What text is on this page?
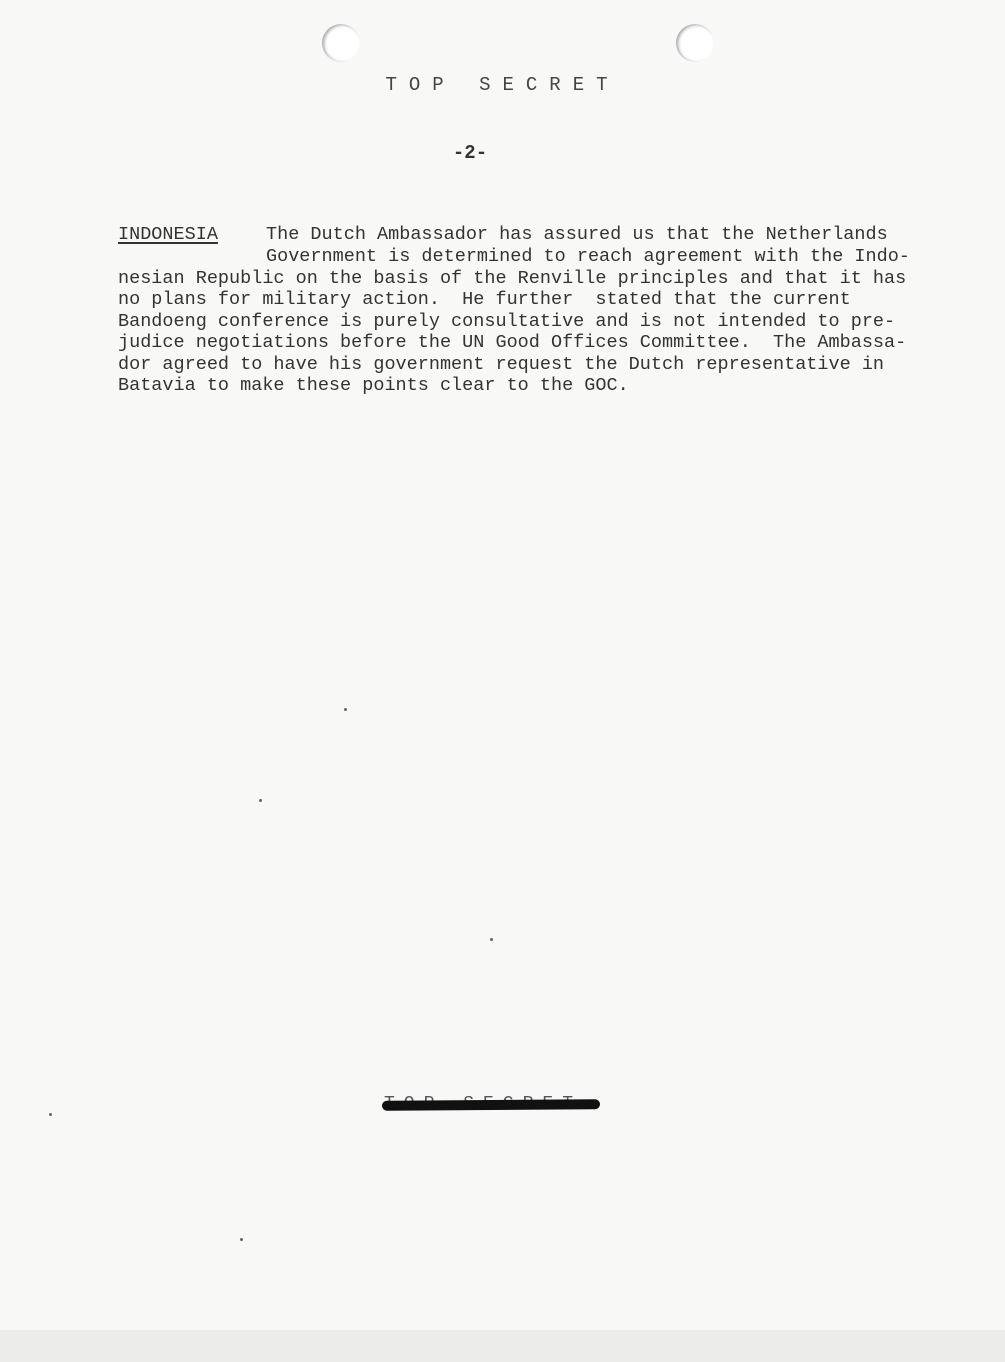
TOP SECRET
-2-
INDONESIA	The Dutch Ambassador has assured us that the Netherlands
Government is determined to reach agreement with the Indo-
nesian Republic on the basis of the Renville principles and that it has
no plans for military action.  He further  stated that the current
Bandoeng conference is purely consultative and is not intended to pre-
judice negotiations before the UN Good Offices Committee.  The Ambassa-
dor agreed to have his government request the Dutch representative in
Batavia to make these points clear to the GOC.
